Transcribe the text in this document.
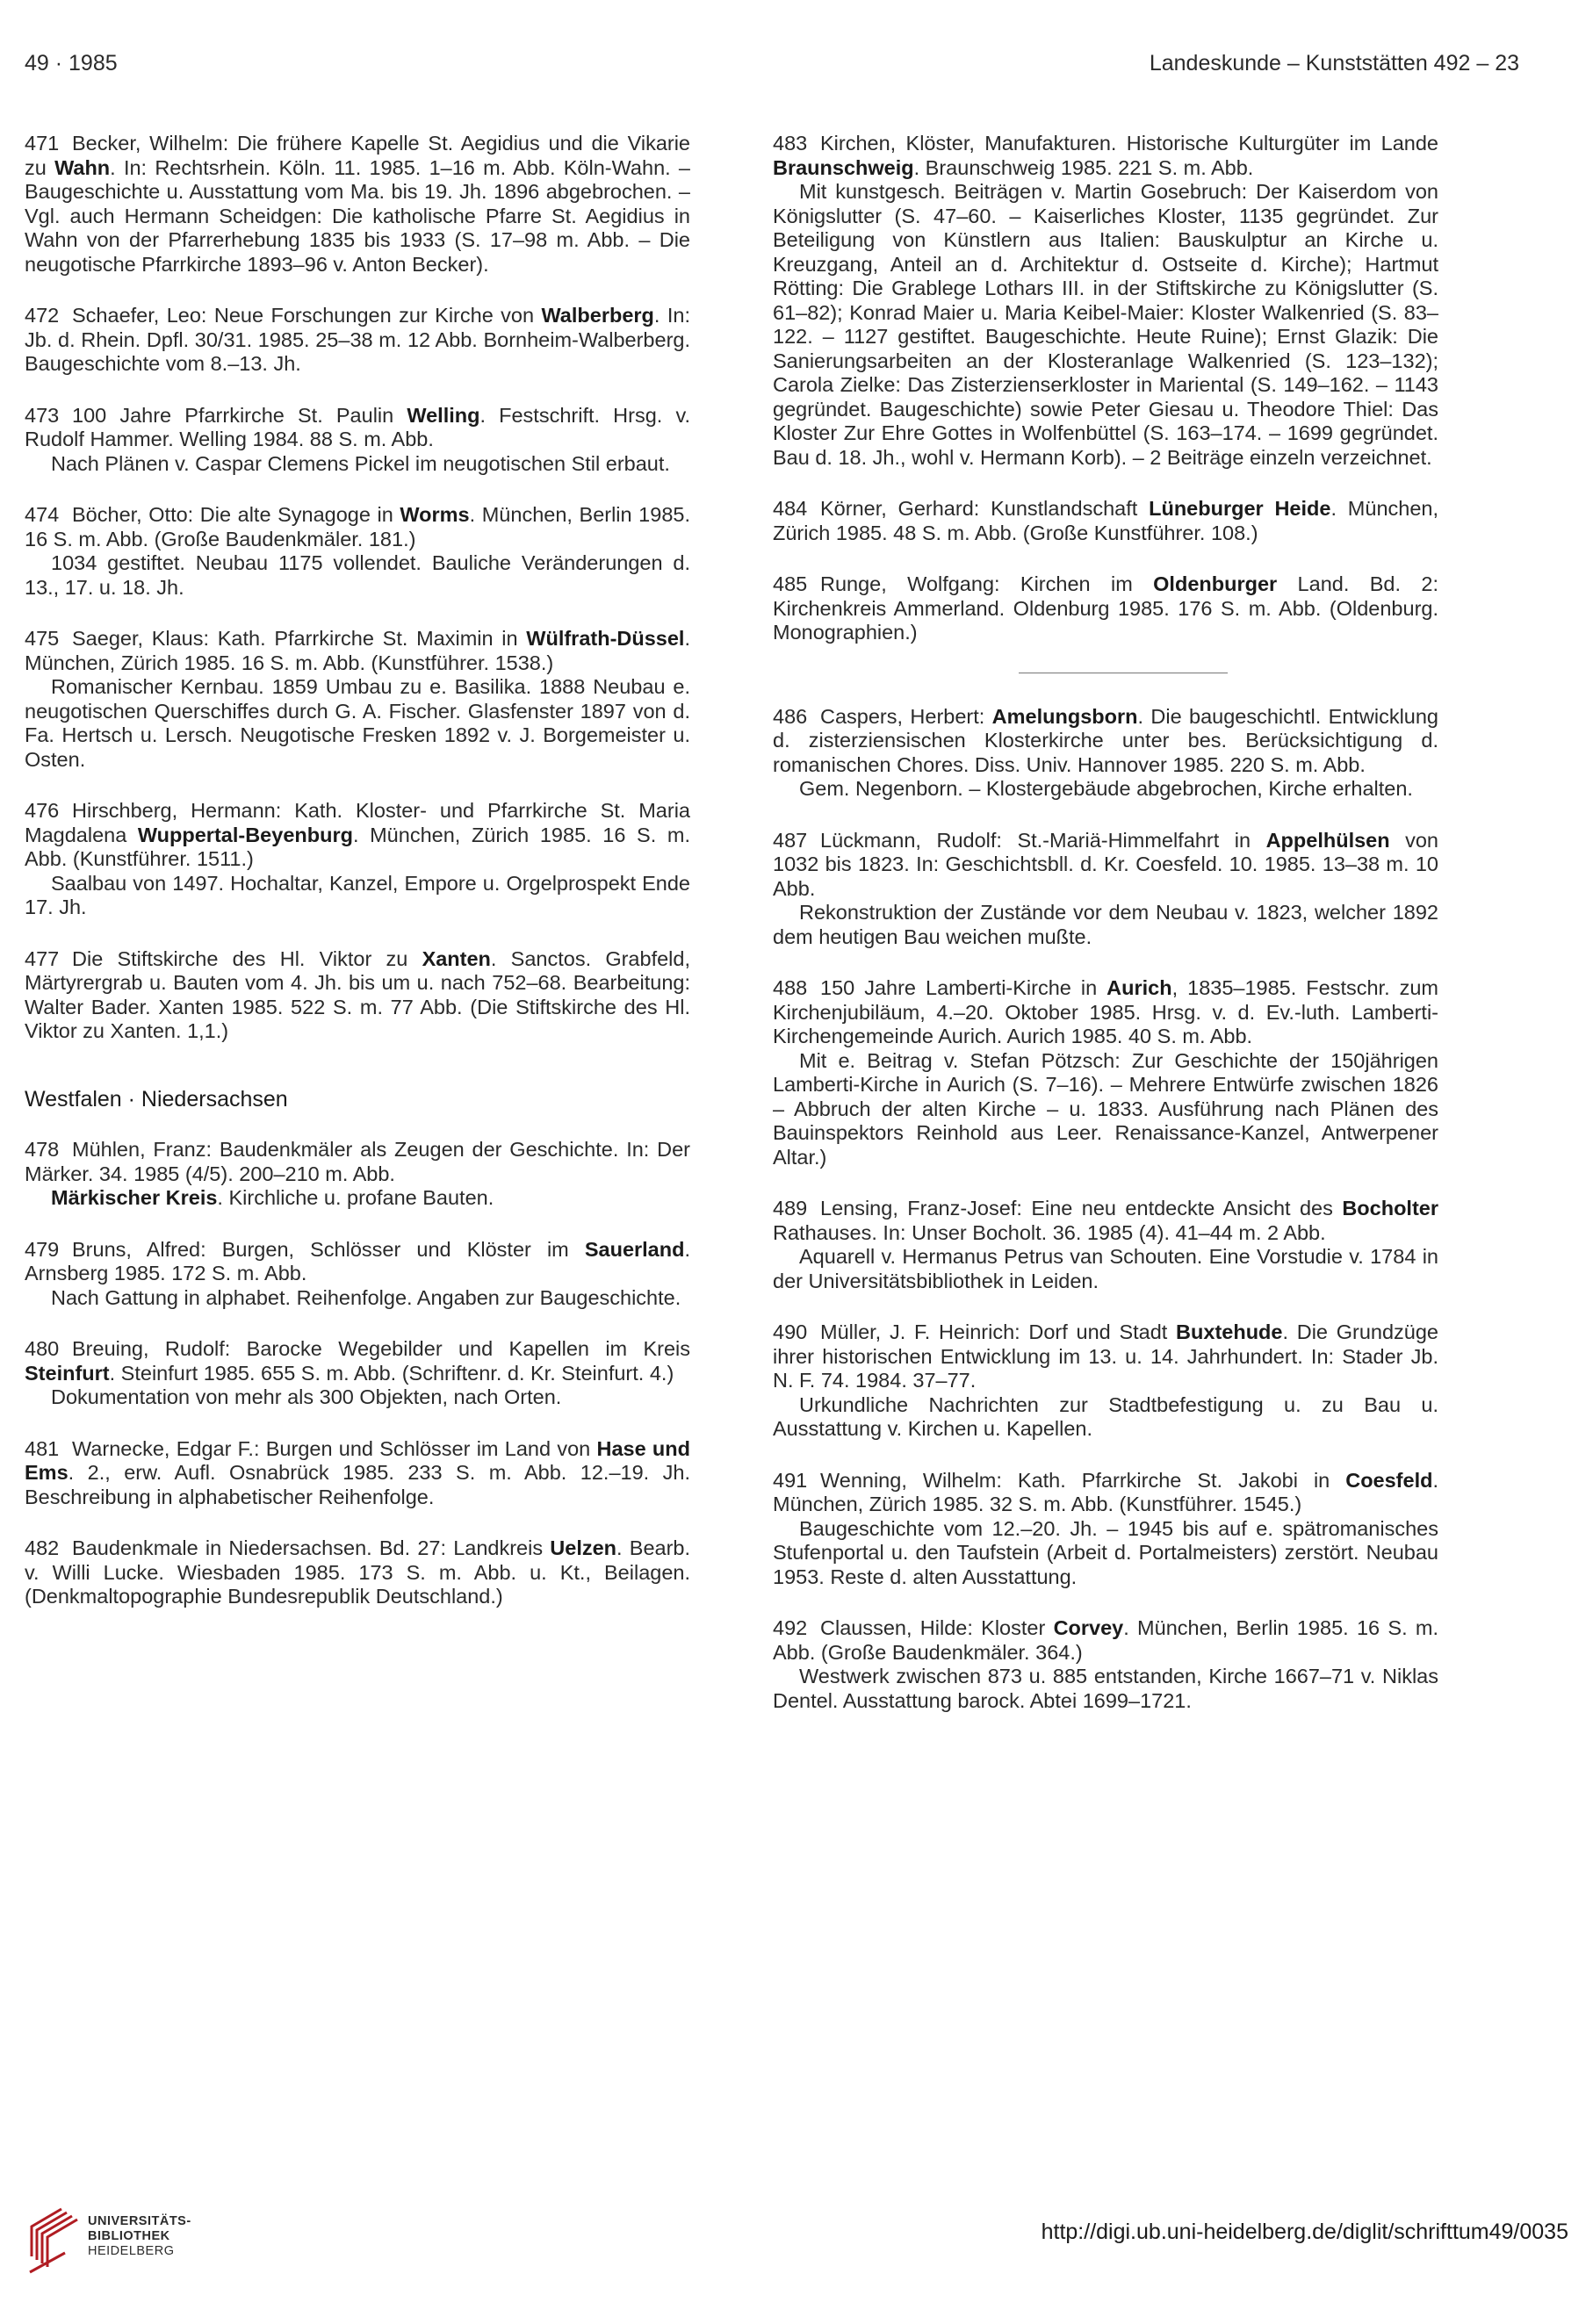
49 · 1985	Landeskunde – Kunststätten 492 – 23

471 Becker, Wilhelm: Die frühere Kapelle St. Aegidius und die Vikarie zu Wahn. In: Rechtsrhein. Köln. 11. 1985. 1–16 m. Abb. Köln-Wahn. – Baugeschichte u. Ausstattung vom Ma. bis 19. Jh. 1896 abgebrochen. – Vgl. auch Hermann Scheidgen: Die katholische Pfarre St. Aegidius in Wahn von der Pfarrerhebung 1835 bis 1933 (S. 17–98 m. Abb. – Die neugotische Pfarrkirche 1893–96 v. Anton Becker).

472 Schaefer, Leo: Neue Forschungen zur Kirche von Walberberg. In: Jb. d. Rhein. Dpfl. 30/31. 1985. 25–38 m. 12 Abb. Bornheim-Walberberg. Baugeschichte vom 8.–13. Jh.

473 100 Jahre Pfarrkirche St. Paulin Welling. Festschrift. Hrsg. v. Rudolf Hammer. Welling 1984. 88 S. m. Abb.

Nach Plänen v. Caspar Clemens Pickel im neugotischen Stil erbaut.

474 Böcher, Otto: Die alte Synagoge in Worms. München, Berlin 1985. 16 S. m. Abb. (Große Baudenkmäler. 181.)

1034 gestiftet. Neubau 1175 vollendet. Bauliche Veränderungen d. 13., 17. u. 18. Jh.

475 Saeger, Klaus: Kath. Pfarrkirche St. Maximin in Wülfrath-Düssel. München, Zürich 1985. 16 S. m. Abb. (Kunstführer. 1538.)

Romanischer Kernbau. 1859 Umbau zu e. Basilika. 1888 Neubau e. neugotischen Querschiffes durch G. A. Fischer. Glasfenster 1897 von d. Fa. Hertsch u. Lersch. Neugotische Fresken 1892 v. J. Borgemeister u. Osten.

476 Hirschberg, Hermann: Kath. Kloster- und Pfarrkirche St. Maria Magdalena Wuppertal-Beyenburg. München, Zürich 1985. 16 S. m. Abb. (Kunstführer. 1511.)

Saalbau von 1497. Hochaltar, Kanzel, Empore u. Orgelprospekt Ende 17. Jh.

477 Die Stiftskirche des Hl. Viktor zu Xanten. Sanctos. Grabfeld, Märtyrergrab u. Bauten vom 4. Jh. bis um u. nach 752–68. Bearbeitung: Walter Bader. Xanten 1985. 522 S. m. 77 Abb. (Die Stiftskirche des Hl. Viktor zu Xanten. 1,1.)

Westfalen · Niedersachsen

478 Mühlen, Franz: Baudenkmäler als Zeugen der Geschichte. In: Der Märker. 34. 1985 (4/5). 200–210 m. Abb.

Märkischer Kreis. Kirchliche u. profane Bauten.

479 Bruns, Alfred: Burgen, Schlösser und Klöster im Sauerland. Arnsberg 1985. 172 S. m. Abb.

Nach Gattung in alphabet. Reihenfolge. Angaben zur Baugeschichte.

480 Breuing, Rudolf: Barocke Wegebilder und Kapellen im Kreis Steinfurt. Steinfurt 1985. 655 S. m. Abb. (Schriftenr. d. Kr. Steinfurt. 4.)

Dokumentation von mehr als 300 Objekten, nach Orten.

481 Warnecke, Edgar F.: Burgen und Schlösser im Land von Hase und Ems. 2., erw. Aufl. Osnabrück 1985. 233 S. m. Abb. 12.–19. Jh. Beschreibung in alphabetischer Reihenfolge.

482 Baudenkmale in Niedersachsen. Bd. 27: Landkreis Uelzen. Bearb. v. Willi Lucke. Wiesbaden 1985. 173 S. m. Abb. u. Kt., Beilagen. (Denkmaltopographie Bundesrepublik Deutschland.)

483 Kirchen, Klöster, Manufakturen. Historische Kulturgüter im Lande Braunschweig. Braunschweig 1985. 221 S. m. Abb.

Mit kunstgesch. Beiträgen v. Martin Gosebruch: Der Kaiserdom von Königslutter (S. 47–60. – Kaiserliches Kloster, 1135 gegründet. Zur Beteiligung von Künstlern aus Italien: Bauskulptur an Kirche u. Kreuzgang, Anteil an d. Architektur d. Ostseite d. Kirche); Hartmut Rötting: Die Grablege Lothars III. in der Stiftskirche zu Königslutter (S. 61–82); Konrad Maier u. Maria Keibel-Maier: Kloster Walkenried (S. 83–122. – 1127 gestiftet. Baugeschichte. Heute Ruine); Ernst Glazik: Die Sanierungsarbeiten an der Klosteranlage Walkenried (S. 123–132); Carola Zielke: Das Zisterzienserkloster in Mariental (S. 149–162. – 1143 gegründet. Baugeschichte) sowie Peter Giesau u. Theodore Thiel: Das Kloster Zur Ehre Gottes in Wolfenbüttel (S. 163–174. – 1699 gegründet. Bau d. 18. Jh., wohl v. Hermann Korb). – 2 Beiträge einzeln verzeichnet.

484 Körner, Gerhard: Kunstlandschaft Lüneburger Heide. München, Zürich 1985. 48 S. m. Abb. (Große Kunstführer. 108.)

485 Runge, Wolfgang: Kirchen im Oldenburger Land. Bd. 2: Kirchenkreis Ammerland. Oldenburg 1985. 176 S. m. Abb. (Oldenburg. Monographien.)

486 Caspers, Herbert: Amelungsborn. Die baugeschichtl. Entwicklung d. zisterziensischen Klosterkirche unter bes. Berücksichtigung d. romanischen Chores. Diss. Univ. Hannover 1985. 220 S. m. Abb.

Gem. Negenborn. – Klostergebäude abgebrochen, Kirche erhalten.

487 Lückmann, Rudolf: St.-Mariä-Himmelfahrt in Appelhülsen von 1032 bis 1823. In: Geschichtsbll. d. Kr. Coesfeld. 10. 1985. 13–38 m. 10 Abb.

Rekonstruktion der Zustände vor dem Neubau v. 1823, welcher 1892 dem heutigen Bau weichen mußte.

488 150 Jahre Lamberti-Kirche in Aurich, 1835–1985. Festschr. zum Kirchenjubiläum, 4.–20. Oktober 1985. Hrsg. v. d. Ev.-luth. Lamberti-Kirchengemeinde Aurich. Aurich 1985. 40 S. m. Abb.

Mit e. Beitrag v. Stefan Pötzsch: Zur Geschichte der 150jährigen Lamberti-Kirche in Aurich (S. 7–16). – Mehrere Entwürfe zwischen 1826 – Abbruch der alten Kirche – u. 1833. Ausführung nach Plänen des Bauinspektors Reinhold aus Leer. Renaissance-Kanzel, Antwerpener Altar.)

489 Lensing, Franz-Josef: Eine neu entdeckte Ansicht des Bocholter Rathauses. In: Unser Bocholt. 36. 1985 (4). 41–44 m. 2 Abb.

Aquarell v. Hermanus Petrus van Schouten. Eine Vorstudie v. 1784 in der Universitätsbibliothek in Leiden.

490 Müller, J. F. Heinrich: Dorf und Stadt Buxtehude. Die Grundzüge ihrer historischen Entwicklung im 13. u. 14. Jahrhundert. In: Stader Jb. N. F. 74. 1984. 37–77.

Urkundliche Nachrichten zur Stadtbefestigung u. zu Bau u. Ausstattung v. Kirchen u. Kapellen.

491 Wenning, Wilhelm: Kath. Pfarrkirche St. Jakobi in Coesfeld. München, Zürich 1985. 32 S. m. Abb. (Kunstführer. 1545.)

Baugeschichte vom 12.–20. Jh. – 1945 bis auf e. spätromanisches Stufenportal u. den Taufstein (Arbeit d. Portalmeisters) zerstört. Neubau 1953. Reste d. alten Ausstattung.

492 Claussen, Hilde: Kloster Corvey. München, Berlin 1985. 16 S. m. Abb. (Große Baudenkmäler. 364.)

Westwerk zwischen 873 u. 885 entstanden, Kirche 1667–71 v. Niklas Dentel. Ausstattung barock. Abtei 1699–1721.

UNIVERSITÄTS-
BIBLIOTHEK
HEIDELBERG
http://digi.ub.uni-heidelberg.de/diglit/schrifttum49/0035
